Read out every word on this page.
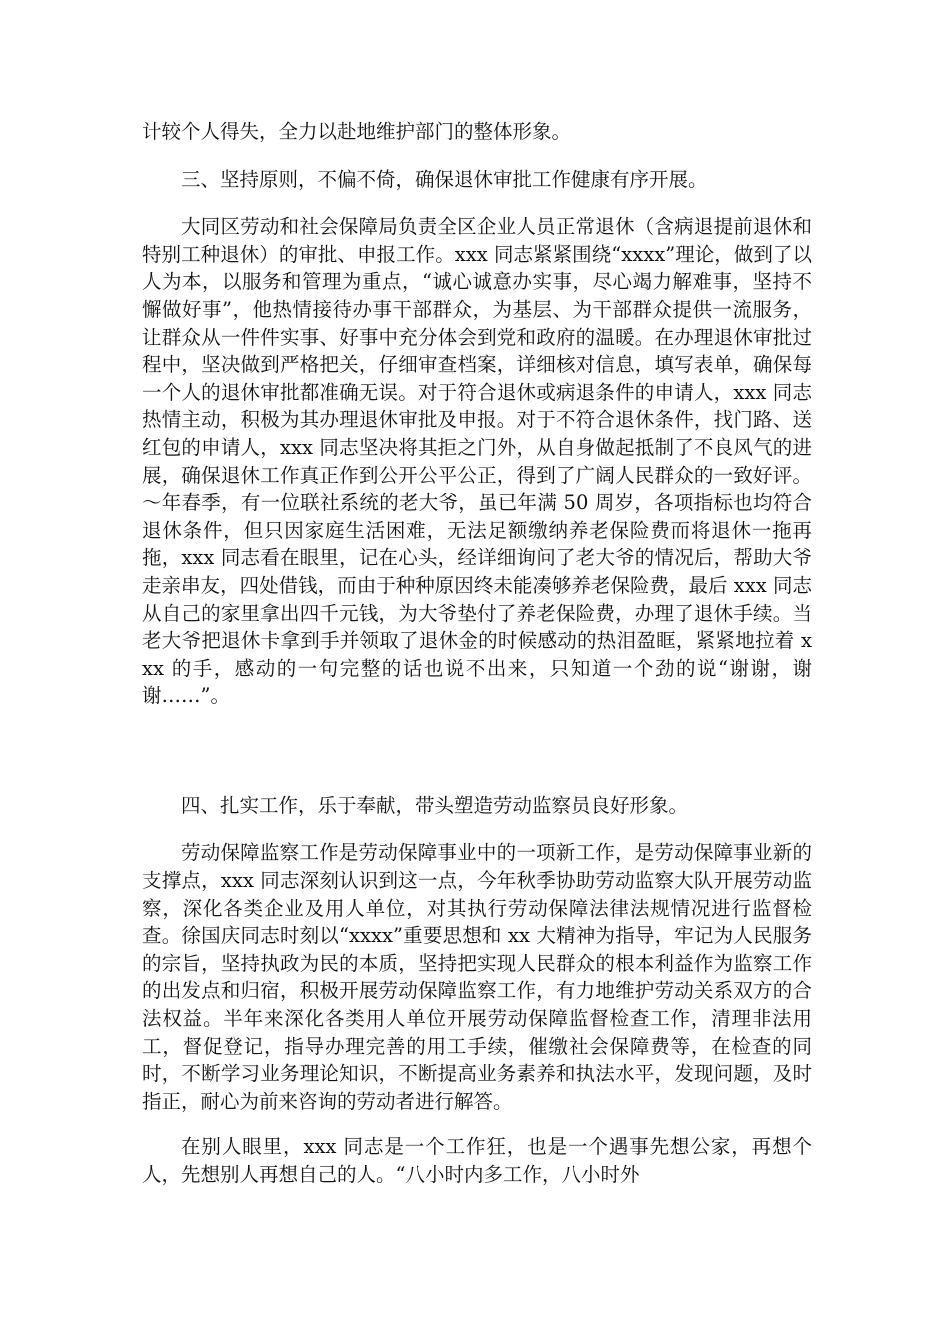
计较个人得失，全力以赴地维护部门的整体形象。

三、坚持原则，不偏不倚，确保退休审批工作健康有序开展。

大同区劳动和社会保障局负责全区企业人员正常退休（含病退提前退休和特别工种退休）的审批、申报工作。xxx 同志紧紧围绕“xxxx”理论，做到了以人为本，以服务和管理为重点，“诚心诚意办实事，尽心竭力解难事，坚持不懈做好事”，他热情接待办事干部群众，为基层、为干部群众提供一流服务，让群众从一件件实事、好事中充分体会到党和政府的温暖。在办理退休审批过程中，坚决做到严格把关，仔细审查档案，详细核对信息，填写表单，确保每一个人的退休审批都准确无误。对于符合退休或病退条件的申请人，xxx 同志热情主动，积极为其办理退休审批及申报。对于不符合退休条件，找门路、送红包的申请人，xxx 同志坚决将其拒之门外，从自身做起抵制了不良风气的进展，确保退休工作真正作到公开公平公正，得到了广阔人民群众的一致好评。～年春季，有一位联社系统的老大爷，虽已年满 50 周岁，各项指标也均符合退休条件，但只因家庭生活困难，无法足额缴纳养老保险费而将退休一拖再拖，xxx 同志看在眼里，记在心头，经详细询问了老大爷的情况后，帮助大爷走亲串友，四处借钱，而由于种种原因终未能凑够养老保险费，最后 xxx 同志从自己的家里拿出四千元钱，为大爷垫付了养老保险费，办理了退休手续。当老大爷把退休卡拿到手并领取了退休金的时候感动的热泪盈眶，紧紧地拉着 xxx 的手，感动的一句完整的话也说不出来，只知道一个劲的说“谢谢，谢谢……”。

四、扎实工作，乐于奉献，带头塑造劳动监察员良好形象。

劳动保障监察工作是劳动保障事业中的一项新工作，是劳动保障事业新的支撑点，xxx 同志深刻认识到这一点，今年秋季协助劳动监察大队开展劳动监察，深化各类企业及用人单位，对其执行劳动保障法律法规情况进行监督检查。徐国庆同志时刻以“xxxx”重要思想和 xx 大精神为指导，牢记为人民服务的宗旨，坚持执政为民的本质，坚持把实现人民群众的根本利益作为监察工作的出发点和归宿，积极开展劳动保障监察工作，有力地维护劳动关系双方的合法权益。半年来深化各类用人单位开展劳动保障监督检查工作，清理非法用工，督促登记，指导办理完善的用工手续，催缴社会保障费等，在检查的同时，不断学习业务理论知识，不断提高业务素养和执法水平，发现问题，及时指正，耐心为前来咨询的劳动者进行解答。

在别人眼里，xxx 同志是一个工作狂，也是一个遇事先想公家，再想个人，先想别人再想自己的人。“八小时内多工作，八小时外
